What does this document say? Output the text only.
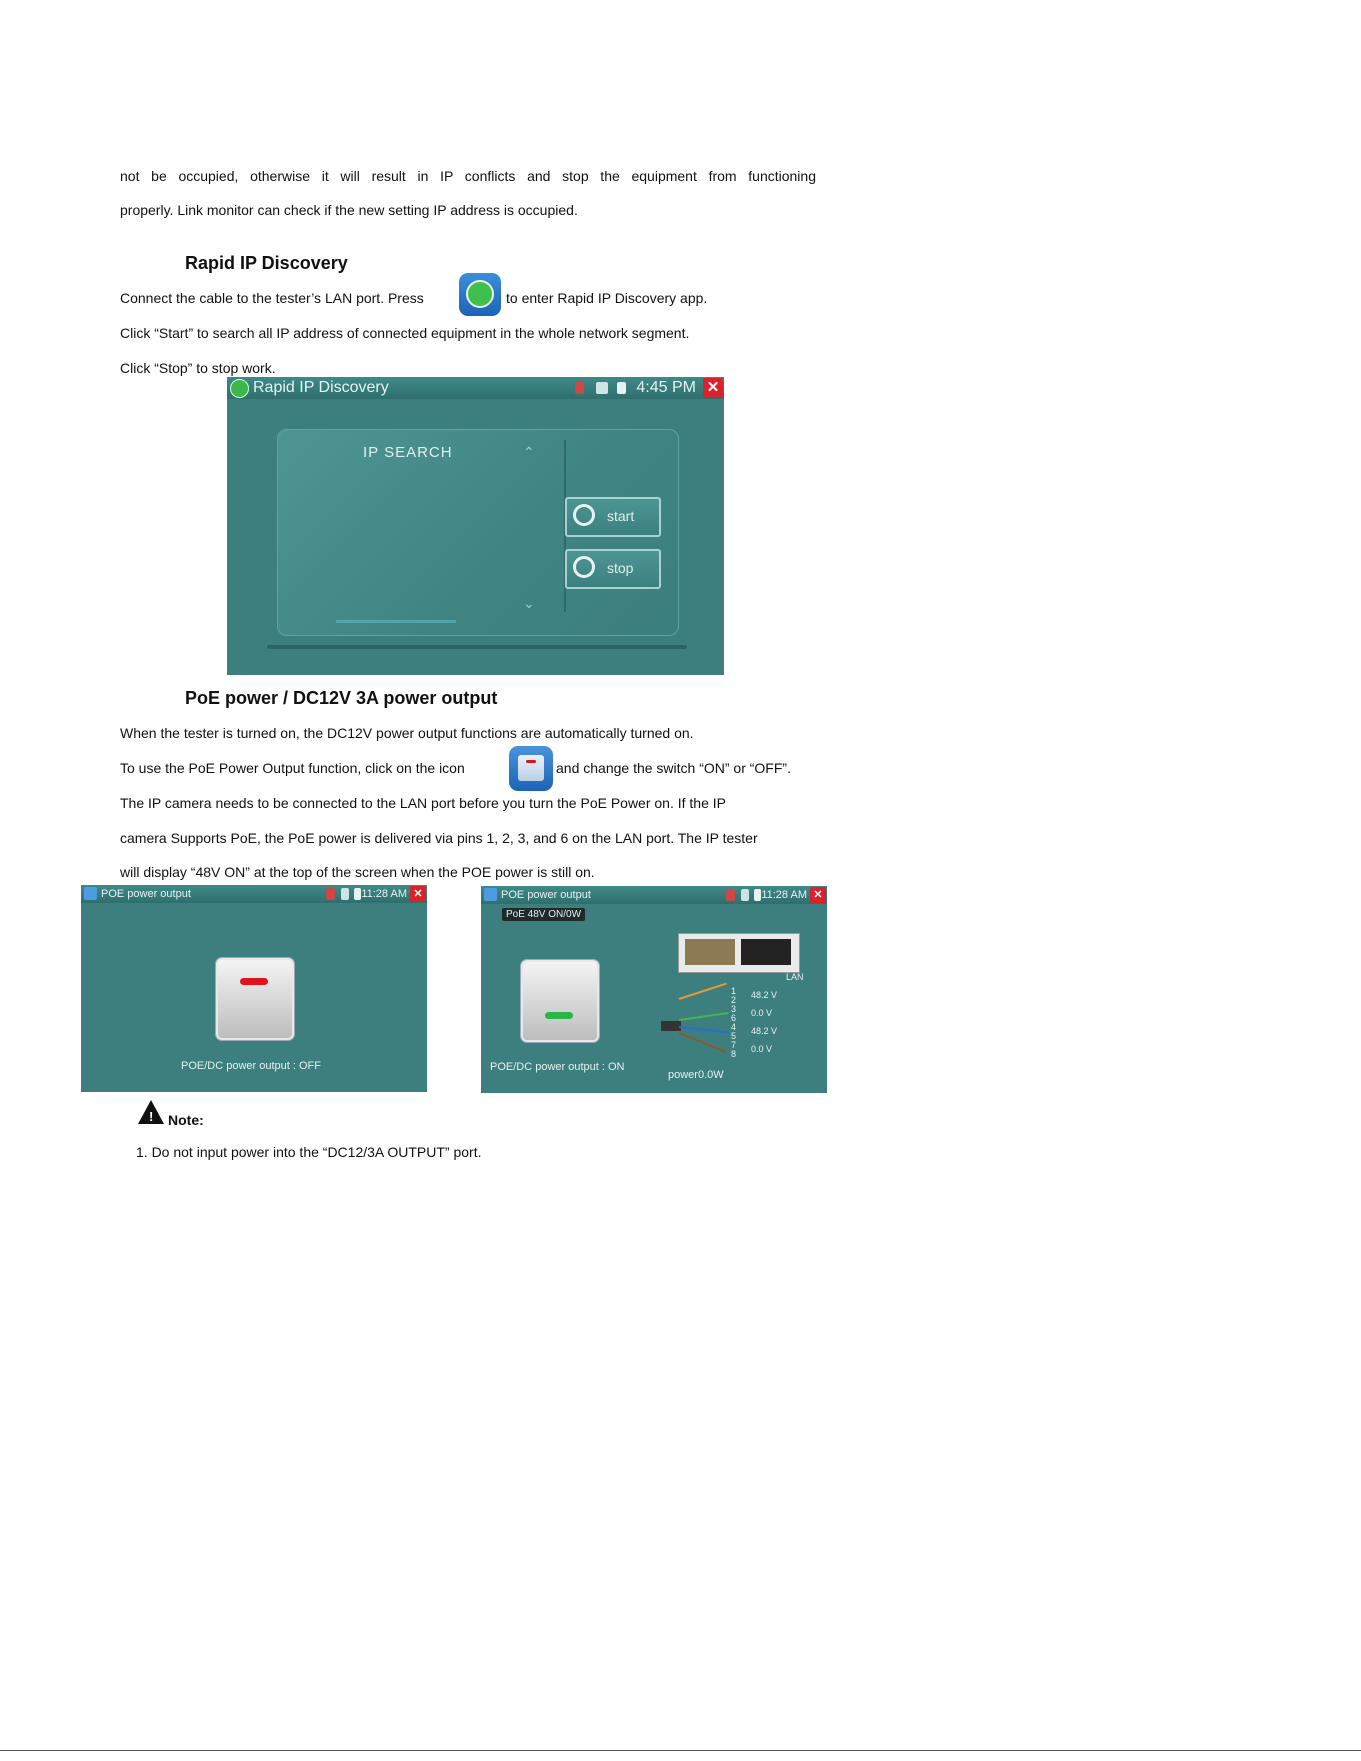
not be occupied, otherwise it will result in IP conflicts and stop the equipment from functioning
properly. Link monitor can check if the new setting IP address is occupied.
Rapid IP Discovery
Connect the cable to the tester’s LAN port. Press	to enter Rapid IP Discovery app.
Click “Start” to search all IP address of connected equipment in the whole network segment.
Click “Stop” to stop work.
Rapid IP Discovery	4:45 PM ✕
IP SEARCH	⌃
⌄
start
stop
PoE power / DC12V 3A power output
When the tester is turned on, the DC12V power output functions are automatically turned on.
To use the PoE Power Output function, click on the icon	and change the switch “ON” or “OFF”.
The IP camera needs to be connected to the LAN port before you turn the PoE Power on. If the IP
camera Supports PoE, the PoE power is delivered via pins 1, 2, 3, and 6 on the LAN port. The IP tester
will display “48V ON” at the top of the screen when the POE power is still on.
POE power output	11:28 AM ✕
POE/DC power output : OFF
POE power output	11:28 AM ✕
PoE 48V ON/0W
POE/DC power output : ON
LAN
1
2
3
6
4
5
7
8
48.2 V
0.0 V
48.2 V
0.0 V
power0.0W
! Note:
1. Do not input power into the “DC12/3A OUTPUT” port.
